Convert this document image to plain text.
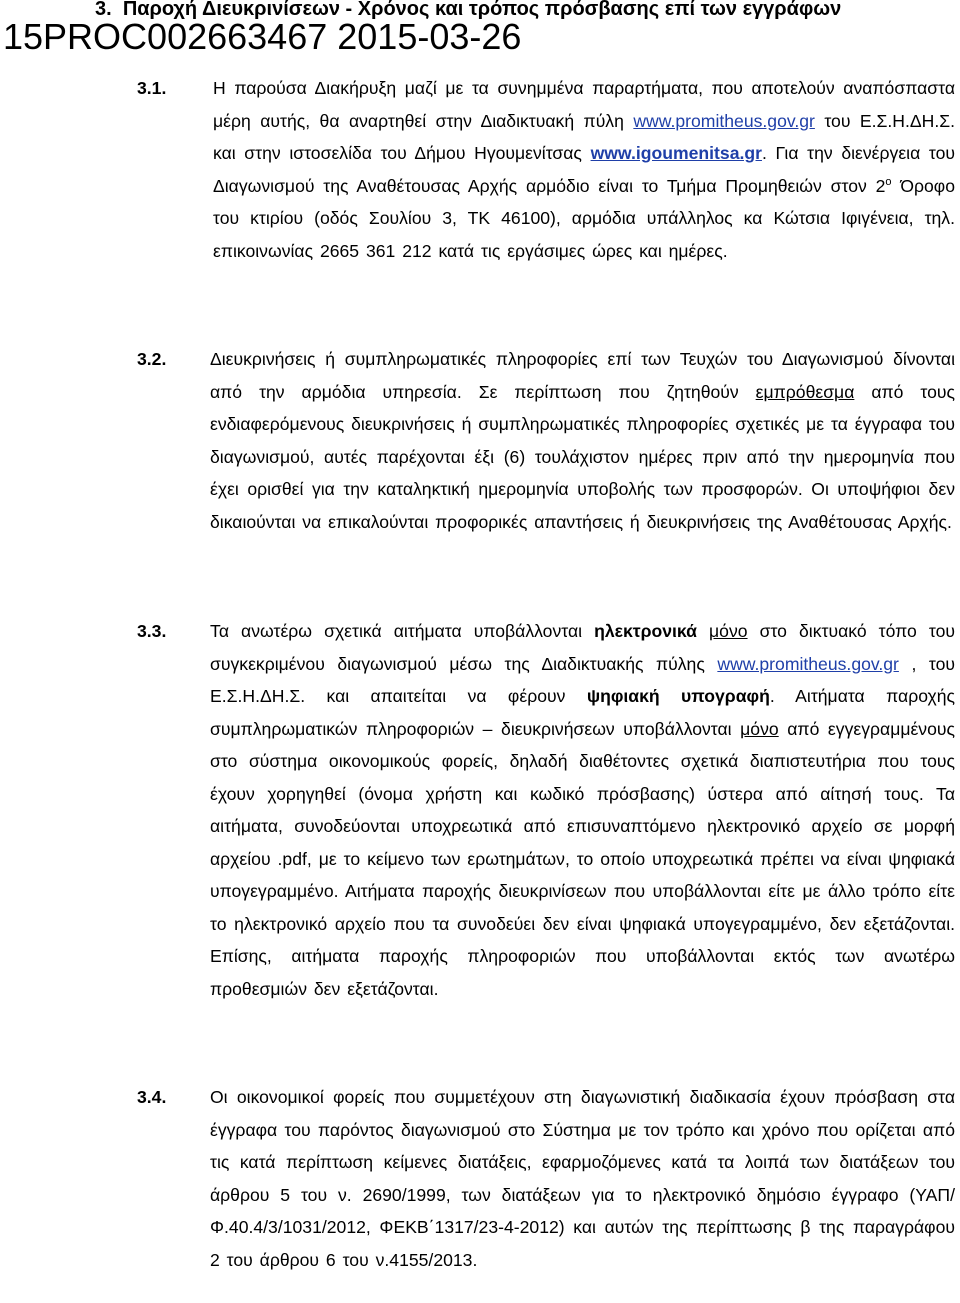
3. Παροχή Διευκρινίσεων - Χρόνος και τρόπος πρόσβασης επί των εγγράφων

15PROC002663467 2015-03-26
3.1.	Η παρούσα Διακήρυξη μαζί με τα συνημμένα παραρτήματα, που αποτελούν αναπόσπαστα μέρη αυτής, θα αναρτηθεί στην Διαδικτυακή πύλη www.promitheus.gov.gr του Ε.Σ.Η.ΔΗ.Σ. και στην ιστοσελίδα του Δήμου Ηγουμενίτσας www.igoumenitsa.gr. Για την διενέργεια του Διαγωνισμού της Αναθέτουσας Αρχής αρμόδιο είναι το Τμήμα Προμηθειών στον $2^o$ Όροφο του κτιρίου (οδός Σουλίου 3, ΤΚ 46100), αρμόδια υπάλληλος κα Κώτσια Ιφιγένεια, τηλ. επικοινωνίας 2665 361 212 κατά τις εργάσιμες ώρες και ημέρες.

3.2. Διευκρινήσεις ή συμπληρωματικές πληροφορίες επί των Τευχών του Διαγωνισμού δίνονται από την αρμόδια υπηρεσία. Σε περίπτωση που ζητηθούν εμπρόθεσμα από τους ενδιαφερόμενους διευκρινήσεις ή συμπληρωματικές πληροφορίες σχετικές με τα έγγραφα του διαγωνισμού, αυτές παρέχονται έξι (6) τουλάχιστον ημέρες πριν από την ημερομηνία που έχει ορισθεί για την καταληκτική ημερομηνία υποβολής των προσφορών. Οι υποψήφιοι δεν δικαιούνται να επικαλούνται προφορικές απαντήσεις ή διευκρινήσεις της Αναθέτουσας Αρχής.

3.3. Τα ανωτέρω σχετικά αιτήματα υποβάλλονται ηλεκτρονικά μόνο στο δικτυακό τόπο του συγκεκριμένου διαγωνισμού μέσω της Διαδικτυακής πύλης www.promitheus.gov.gr , του Ε.Σ.Η.ΔΗ.Σ. και απαιτείται να φέρουν ψηφιακή υπογραφή. Αιτήματα παροχής συμπληρωματικών πληροφοριών – διευκρινήσεων υποβάλλονται μόνο από εγγεγραμμένους στο σύστημα οικονομικούς φορείς, δηλαδή διαθέτοντες σχετικά διαπιστευτήρια που τους έχουν χορηγηθεί (όνομα χρήστη και κωδικό πρόσβασης) ύστερα από αίτησή τους. Τα αιτήματα, συνοδεύονται υποχρεωτικά από επισυναπτόμενο ηλεκτρονικό αρχείο σε μορφή αρχείου .pdf, με το κείμενο των ερωτημάτων, το οποίο υποχρεωτικά πρέπει να είναι ψηφιακά υπογεγραμμένο. Αιτήματα παροχής διευκρινίσεων που υποβάλλονται είτε με άλλο τρόπο είτε το ηλεκτρονικό αρχείο που τα συνοδεύει δεν είναι ψηφιακά υπογεγραμμένο, δεν εξετάζονται. Επίσης, αιτήματα παροχής πληροφοριών που υποβάλλονται εκτός των ανωτέρω προθεσμιών δεν εξετάζονται.

3.4. Οι οικονομικοί φορείς που συμμετέχουν στη διαγωνιστική διαδικασία έχουν πρόσβαση στα έγγραφα του παρόντος διαγωνισμού στο Σύστημα με τον τρόπο και χρόνο που ορίζεται από τις κατά περίπτωση κείμενες διατάξεις, εφαρμοζόμενες κατά τα λοιπά των διατάξεων του άρθρου 5 του ν. 2690/1999, των διατάξεων για το ηλεκτρονικό δημόσιο έγγραφο (ΥΑΠ/Φ.40.4/3/1031/2012, ΦΕΚΒ΄1317/23-4-2012) και αυτών της περίπτωσης β της παραγράφου 2 του άρθρου 6 του ν.4155/2013.
